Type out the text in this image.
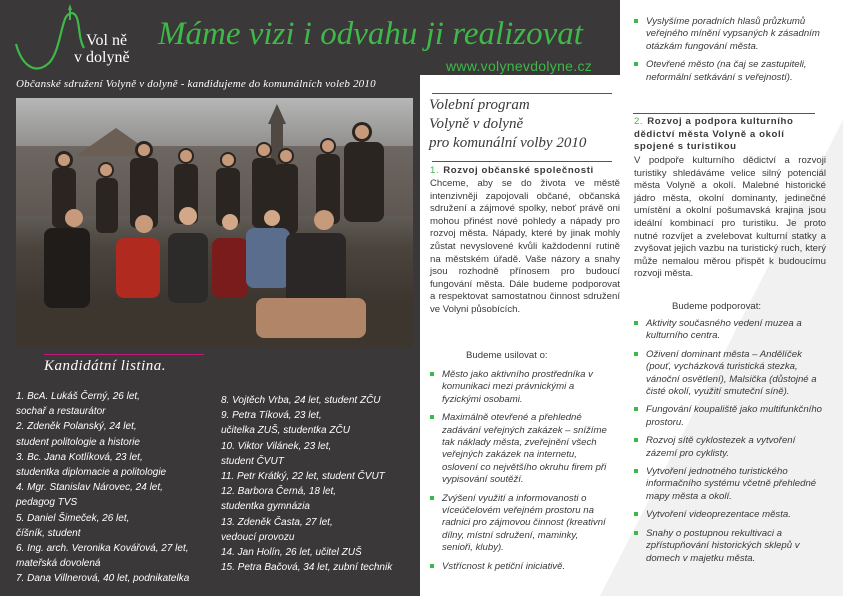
Vol ně
v dolyně
Máme vizi i odvahu ji realizovat
www.volynevdolyne.cz
Občanské sdružení Volyně v dolyně - kandidujeme do komunálních voleb 2010
Kandidátní listina.
1. BcA. Lukáš Černý, 26 let,
sochař a restaurátor
2. Zdeněk Polanský, 24 let,
student politologie a historie
3. Bc. Jana Kotlíková, 23 let,
studentka diplomacie a politologie
4. Mgr. Stanislav Nárovec, 24 let,
pedagog TVS
5. Daniel Šimeček, 26 let,
číšník, student
6. Ing. arch. Veronika Kovářová, 27 let,
mateřská dovolená
7. Dana Villnerová, 40 let, podnikatelka
8. Vojtěch Vrba, 24 let, student ZČU
9. Petra Tíková, 23 let,
učitelka ZUŠ, studentka ZČU
10. Viktor Vilánek, 23 let,
student ČVUT
11. Petr Krátký, 22 let, student ČVUT
12. Barbora Černá, 18 let,
studentka gymnázia
13. Zdeněk Časta, 27 let,
vedoucí provozu
14. Jan Holín, 26 let, učitel ZUŠ
15. Petra Bačová, 34 let, zubní technik
Volební program
Volyně v dolyně
pro komunální volby 2010
1. Rozvoj občanské společnosti
Chceme, aby se do života ve městě intenzivněji zapojovali občané, občanská sdružení a zájmové spolky, neboť právě oni mohou přinést nové pohledy a nápady pro rozvoj města. Nápady, které by jinak mohly zůstat nevyslovené kvůli každodenní rutině na městském úřadě. Vaše názory a snahy jsou rozhodně přínosem pro budoucí fungování města. Dále budeme podporovat a respektovat samostatnou činnost sdružení ve Volyni působících.
Budeme usilovat o:
Město jako aktivního prostředníka v komunikaci mezi právnickými a fyzickými osobami.
Maximálně otevřené a přehledné zadávání veřejných zakázek – snížíme tak náklady města, zveřejnění všech veřejných zakázek na internetu, oslovení co největšího okruhu firem při vypisování soutěží.
Zvýšení využití a informovanosti o víceúčelovém veřejném prostoru na radnici pro zájmovou činnost (kreativní dílny, místní sdružení, maminky, senioři, kluby).
Vstřícnost k petiční iniciativě.
Vyslyšíme poradních hlasů průzkumů veřejného mínění vypsaných k zásadním otázkám fungování města.
Otevřené město (na čaj se zastupiteli, neformální setkávání s veřejností).
2. Rozvoj a podpora kulturního
dědictví města Volyně a okolí
spojené s turistikou
V podpoře kulturního dědictví a rozvoji turistiky shledáváme velice silný potenciál města Volyně a okolí. Malebné historické jádro města, okolní dominanty, jedinečné umístění a okolní pošumavská krajina jsou ideální kombinací pro turistiku. Je proto nutné rozvíjet a zvelebovat kulturní statky a zvyšovat jejich vazbu na turistický ruch, který může nemalou měrou přispět k budoucímu rozvoji města.
Budeme podporovat:
Aktivity současného vedení muzea a kulturního centra.
Oživení dominant města – Andělíček (pouť, vycházková turistická stezka, vánoční osvětlení), Malsička (důstojné a čisté okolí, využití smuteční síně).
Fungování koupaliště jako multifunkčního prostoru.
Rozvoj sítě cyklostezek a vytvoření zázemí pro cyklisty.
Vytvoření jednotného turistického informačního systému včetně přehledné mapy města a okolí.
Vytvoření videoprezentace města.
Snahy o postupnou rekultivaci a zpřístupňování historických sklepů v domech v majetku města.
